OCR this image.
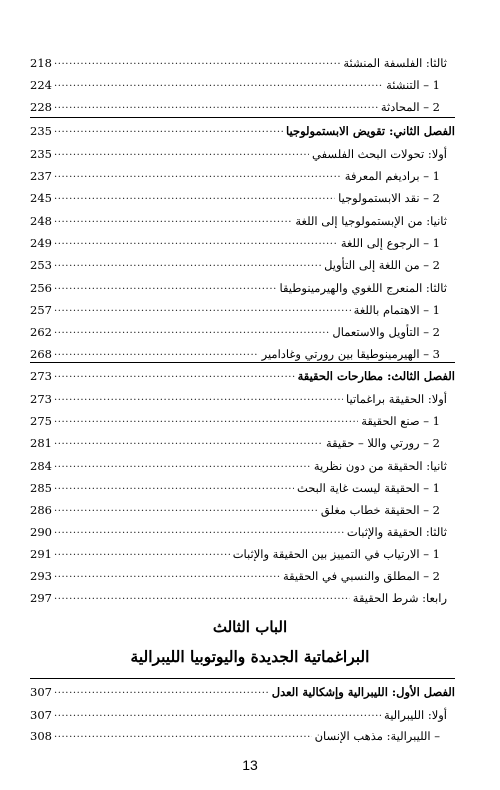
ثالثا: الفلسفة المنشئة
.....
218
1 – التنشئة
.....
224
2 – المحادثة
.....
228
الفصل الثاني: تقويض الابستمولوجيا
.....
235
أولا: تحولات البحث الفلسفي
.....
235
1 – براديغم المعرفة
.....
237
2 – نقد الابستمولوجيا
.....
245
ثانيا: من الإبستمولوجيا إلى اللغة
.....
248
1 – الرجوع إلى اللغة
.....
249
2 – من اللغة إلى التأويل
.....
253
ثالثا: المنعرج اللغوي والهيرمينوطيقا
.....
256
1 – الاهتمام باللغة
.....
257
2 – التأويل والاستعمال
.....
262
3 – الهيرمينوطيقا بين رورتي وغادامير
.....
268
الفصل الثالث: مطارحات الحقيقة
.....
273
أولا: الحقيقة براغماتيا
.....
273
1 – صنع الحقيقة
.....
275
2 – رورتي واللا – حقيقة
.....
281
ثانيا: الحقيقة من دون نظرية
.....
284
1 – الحقيقة ليست غاية البحث
.....
285
2 – الحقيقة خطاب مغلق
.....
286
ثالثا: الحقيقة والإثبات
.....
290
1 – الارتياب في التمييز بين الحقيقة والإثبات
.....
291
2 – المطلق والنسبي في الحقيقة
.....
293
رابعا: شرط الحقيقة
.....
297
الباب الثالث
البراغماتية الجديدة واليوتوبيا الليبرالية
الفصل الأول: الليبرالية وإشكالية العدل
.....
307
أولا: الليبرالية
.....
307
– الليبرالية: مذهب الإنسان
.....
308
13
